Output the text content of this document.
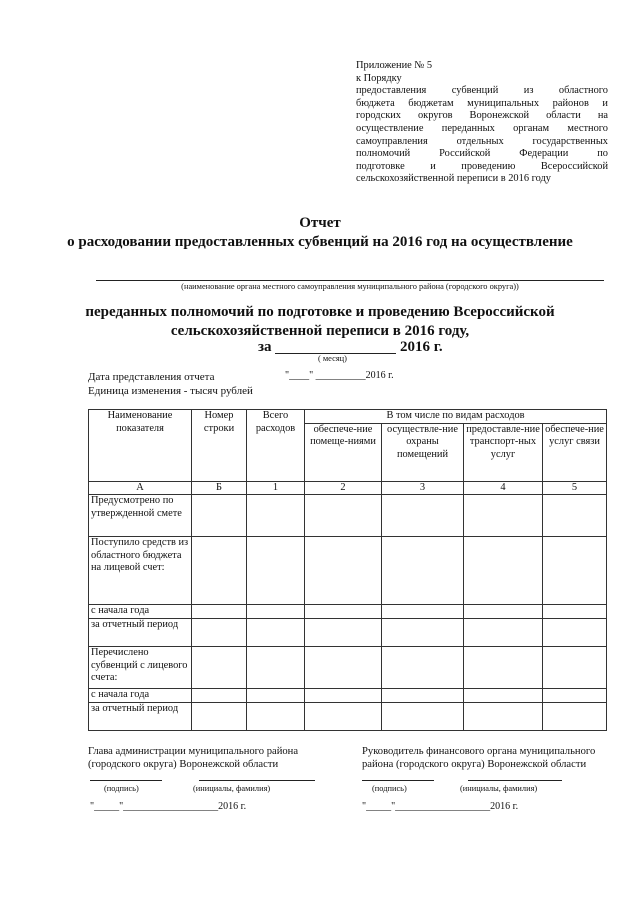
Приложение № 5
к Порядку
предоставления субвенций из областного
бюджета бюджетам муниципальных районов и
городских округов Воронежской области на
осуществление переданных органам местного
самоуправления отдельных государственных
полномочий Российской Федерации по
подготовке и проведению Всероссийской
сельскохозяйственной переписи в 2016 году
Отчет
о расходовании предоставленных субвенций на 2016 год на осуществление
(наименование органа местного самоуправления муниципального района (городского округа))
переданных полномочий по подготовке и проведению Всероссийской
сельскохозяйственной переписи в 2016 году,
за	2016 г.
( месяц)
Дата представления отчета	"____" __________2016 г.
Единица изменения - тысяч рублей
Наименование показателя	Номер строки	Всего расходов	В том числе по видам расходов			
			обеспече-ние помеще-ниями	осуществле-ние охраны помещений	предоставле-ние транспорт-ных услуг	обеспече-ние услуг связи
А	Б	1	2	3	4	5
Предусмотрено по утвержденной смете						
Поступило средств из областного бюджета на лицевой счет:						
с начала года						
за отчетный период						
Перечислено субвенций с лицевого счета:						
с начала года						
за отчетный период						
Глава администрации муниципального района
(городского округа) Воронежской области
(подпись)	(инициалы, фамилия)
"_____"___________________2016 г.
Руководитель финансового органа муниципального
района (городского округа) Воронежской области
(подпись)	(инициалы, фамилия)
"_____"___________________2016 г.
